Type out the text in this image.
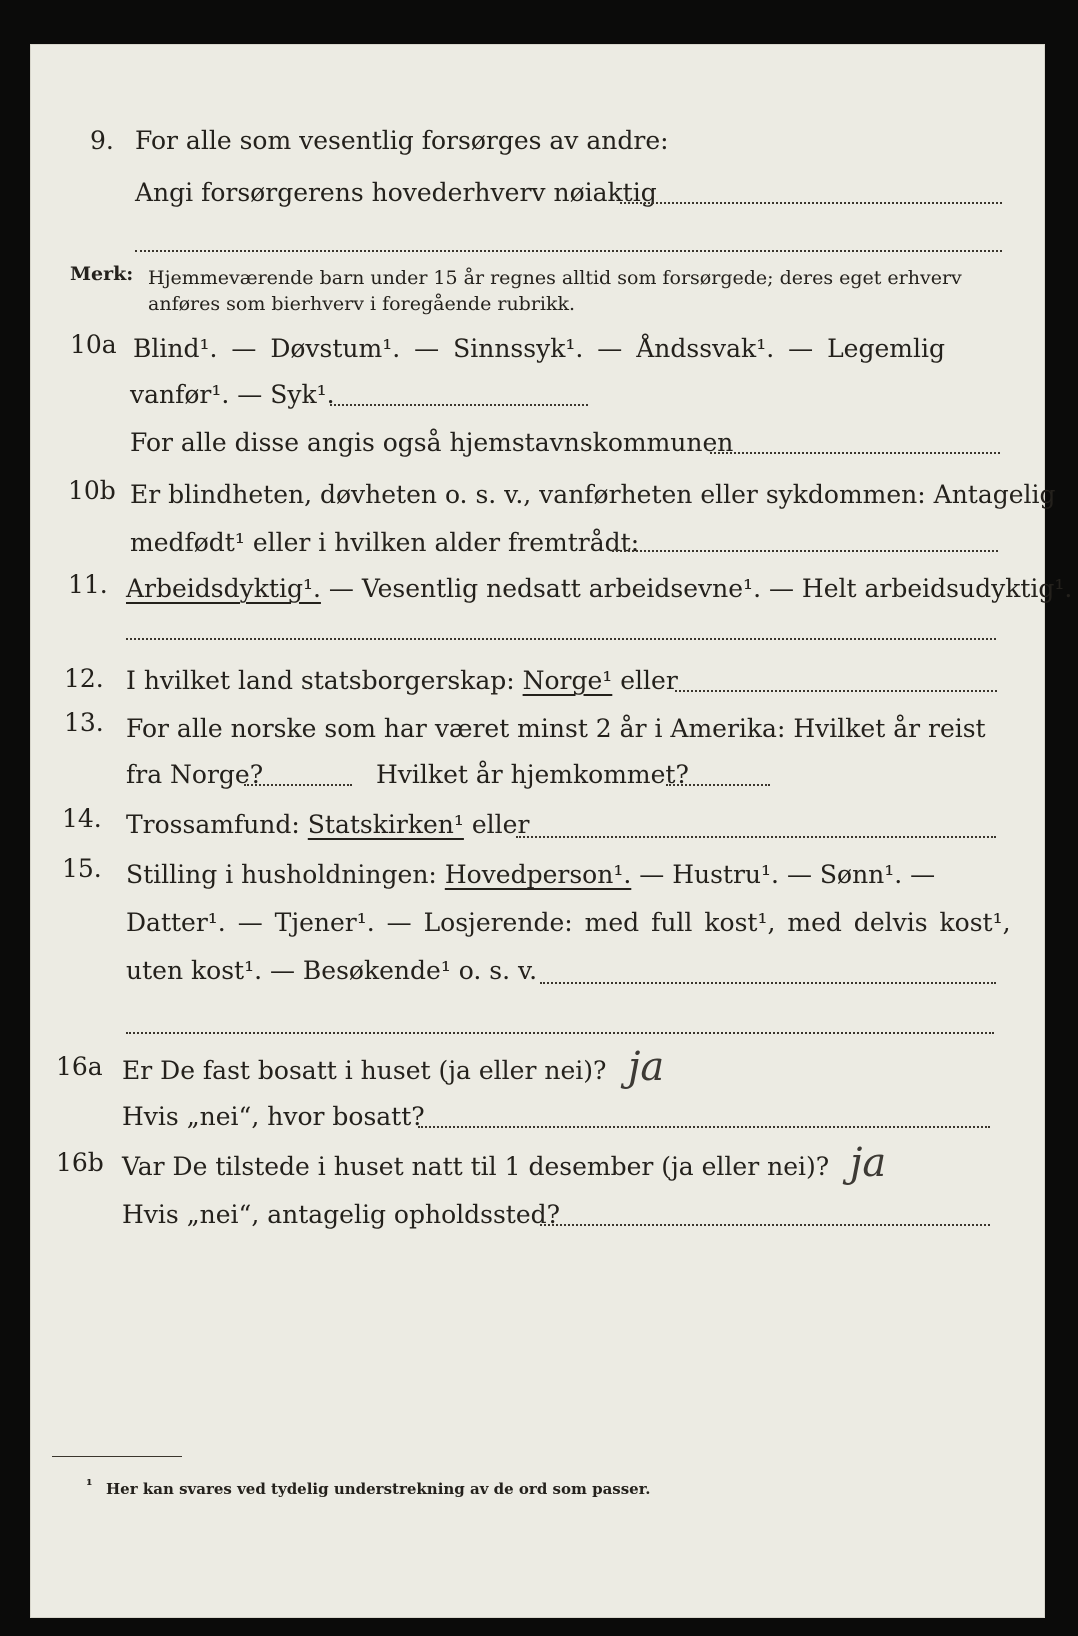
9. For alle som vesentlig forsørges av andre:
Angi forsørgerens hovederhverv nøiaktig
Merk: Hjemmeværende barn under 15 år regnes alltid som forsørgede; deres eget erhverv
anføres som bierhverv i foregående rubrikk.
10a Blind¹. — Døvstum¹. — Sinnssyk¹. — Åndssvak¹. — Legemlig
vanfør¹. — Syk¹.
For alle disse angis også hjemstavnskommunen
10b Er blindheten, døvheten o. s. v., vanførheten eller sykdommen: Antagelig
medfødt¹ eller i hvilken alder fremtrådt:
11. Arbeidsdyktig¹. — Vesentlig nedsatt arbeidsevne¹. — Helt arbeidsudyktig¹.
12. I hvilket land statsborgerskap: Norge¹ eller
13. For alle norske som har været minst 2 år i Amerika: Hvilket år reist
fra Norge?	Hvilket år hjemkommet?
14. Trossamfund: Statskirken¹ eller
15. Stilling i husholdningen: Hovedperson¹. — Hustru¹. — Sønn¹. —
Datter¹. — Tjener¹. — Losjerende: med full kost¹, med delvis kost¹,
uten kost¹. — Besøkende¹ o. s. v.
16a Er De fast bosatt i huset (ja eller nei)? ja
Hvis „nei“, hvor bosatt?
16b Var De tilstede i huset natt til 1 desember (ja eller nei)? ja
Hvis „nei“, antagelig opholdssted?
¹ Her kan svares ved tydelig understrekning av de ord som passer.
